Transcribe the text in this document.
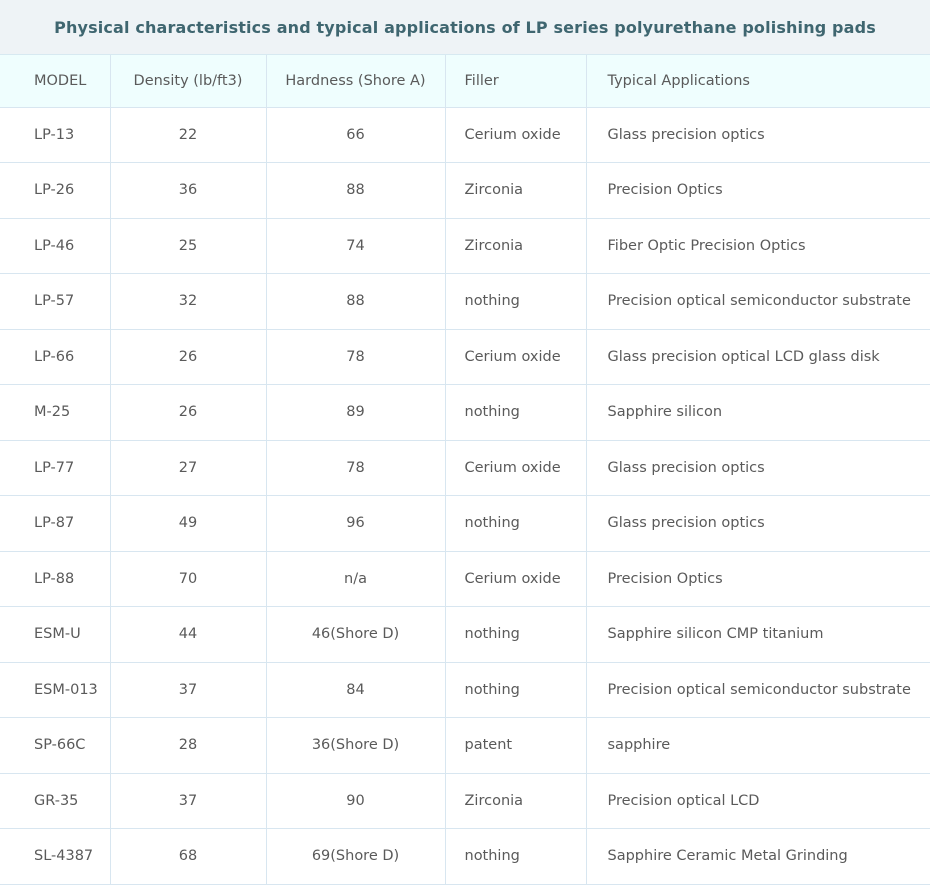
Physical characteristics and typical applications of LP series polyurethane polishing pads
MODEL	Density (lb/ft3)	Hardness (Shore A)	Filler	Typical Applications
LP-13	22	66	Cerium oxide	Glass precision optics
LP-26	36	88	Zirconia	Precision Optics
LP-46	25	74	Zirconia	Fiber Optic Precision Optics
LP-57	32	88	nothing	Precision optical semiconductor substrate
LP-66	26	78	Cerium oxide	Glass precision optical LCD glass disk
M-25	26	89	nothing	Sapphire silicon
LP-77	27	78	Cerium oxide	Glass precision optics
LP-87	49	96	nothing	Glass precision optics
LP-88	70	n/a	Cerium oxide	Precision Optics
ESM-U	44	46(Shore D)	nothing	Sapphire silicon CMP titanium
ESM-013	37	84	nothing	Precision optical semiconductor substrate
SP-66C	28	36(Shore D)	patent	sapphire
GR-35	37	90	Zirconia	Precision optical LCD
SL-4387	68	69(Shore D)	nothing	Sapphire Ceramic Metal Grinding
